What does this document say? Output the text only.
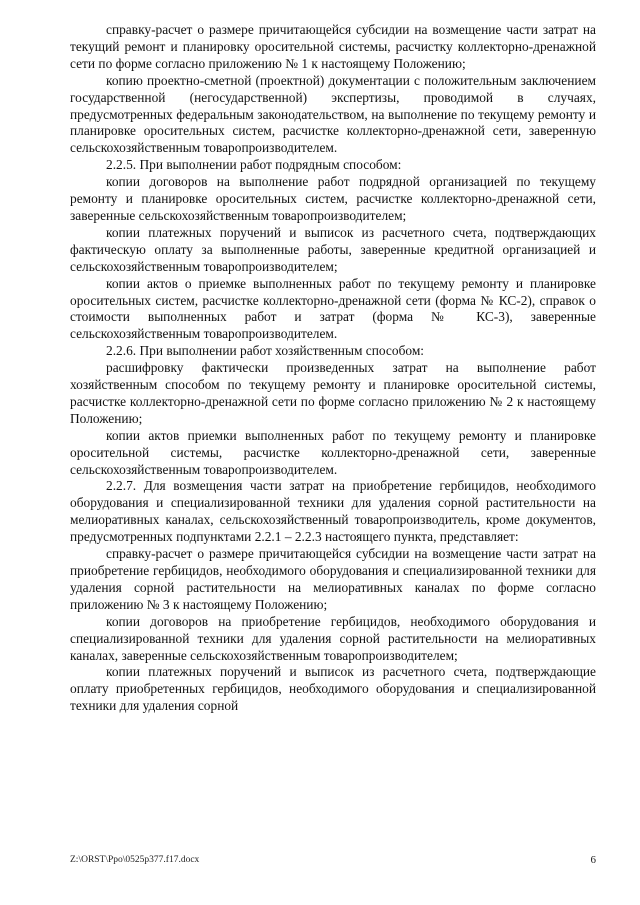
справку-расчет о размере причитающейся субсидии на возмещение части затрат на текущий ремонт и планировку оросительной системы, расчистку коллекторно-дренажной сети по форме согласно приложению № 1 к настоящему Положению;

копию проектно-сметной (проектной) документации с положительным заключением государственной (негосударственной) экспертизы, проводимой в случаях, предусмотренных федеральным законодательством, на выполнение по текущему ремонту и планировке оросительных систем, расчистке коллекторно-дренажной сети, заверенную сельскохозяйственным товаропроизводителем.

2.2.5. При выполнении работ подрядным способом:

копии договоров на выполнение работ подрядной организацией по текущему ремонту и планировке оросительных систем, расчистке коллекторно-дренажной сети, заверенные сельскохозяйственным товаропроизводителем;

копии платежных поручений и выписок из расчетного счета, подтверждающих фактическую оплату за выполненные работы, заверенные кредитной организацией и сельскохозяйственным товаропроизводителем;

копии актов о приемке выполненных работ по текущему ремонту и планировке оросительных систем, расчистке коллекторно-дренажной сети (форма № КС-2), справок о стоимости выполненных работ и затрат (форма № КС-3), заверенные сельскохозяйственным товаропроизводителем.

2.2.6. При выполнении работ хозяйственным способом:

расшифровку фактически произведенных затрат на выполнение работ хозяйственным способом по текущему ремонту и планировке оросительной системы, расчистке коллекторно-дренажной сети по форме согласно приложению № 2 к настоящему Положению;

копии актов приемки выполненных работ по текущему ремонту и планировке оросительной системы, расчистке коллекторно-дренажной сети, заверенные сельскохозяйственным товаропроизводителем.

2.2.7. Для возмещения части затрат на приобретение гербицидов, необходимого оборудования и специализированной техники для удаления сорной растительности на мелиоративных каналах, сельскохозяйственный товаропроизводитель, кроме документов, предусмотренных подпунктами 2.2.1 – 2.2.3 настоящего пункта, представляет:

справку-расчет о размере причитающейся субсидии на возмещение части затрат на приобретение гербицидов, необходимого оборудования и специализированной техники для удаления сорной растительности на мелиоративных каналах по форме согласно приложению № 3 к настоящему Положению;

копии договоров на приобретение гербицидов, необходимого оборудования и специализированной техники для удаления сорной растительности на мелиоративных каналах, заверенные сельскохозяйственным товаропроизводителем;

копии платежных поручений и выписок из расчетного счета, подтверждающие оплату приобретенных гербицидов, необходимого оборудования и специализированной техники для удаления сорной

Z:\ORST\Ppo\0525p377.f17.docx	6
